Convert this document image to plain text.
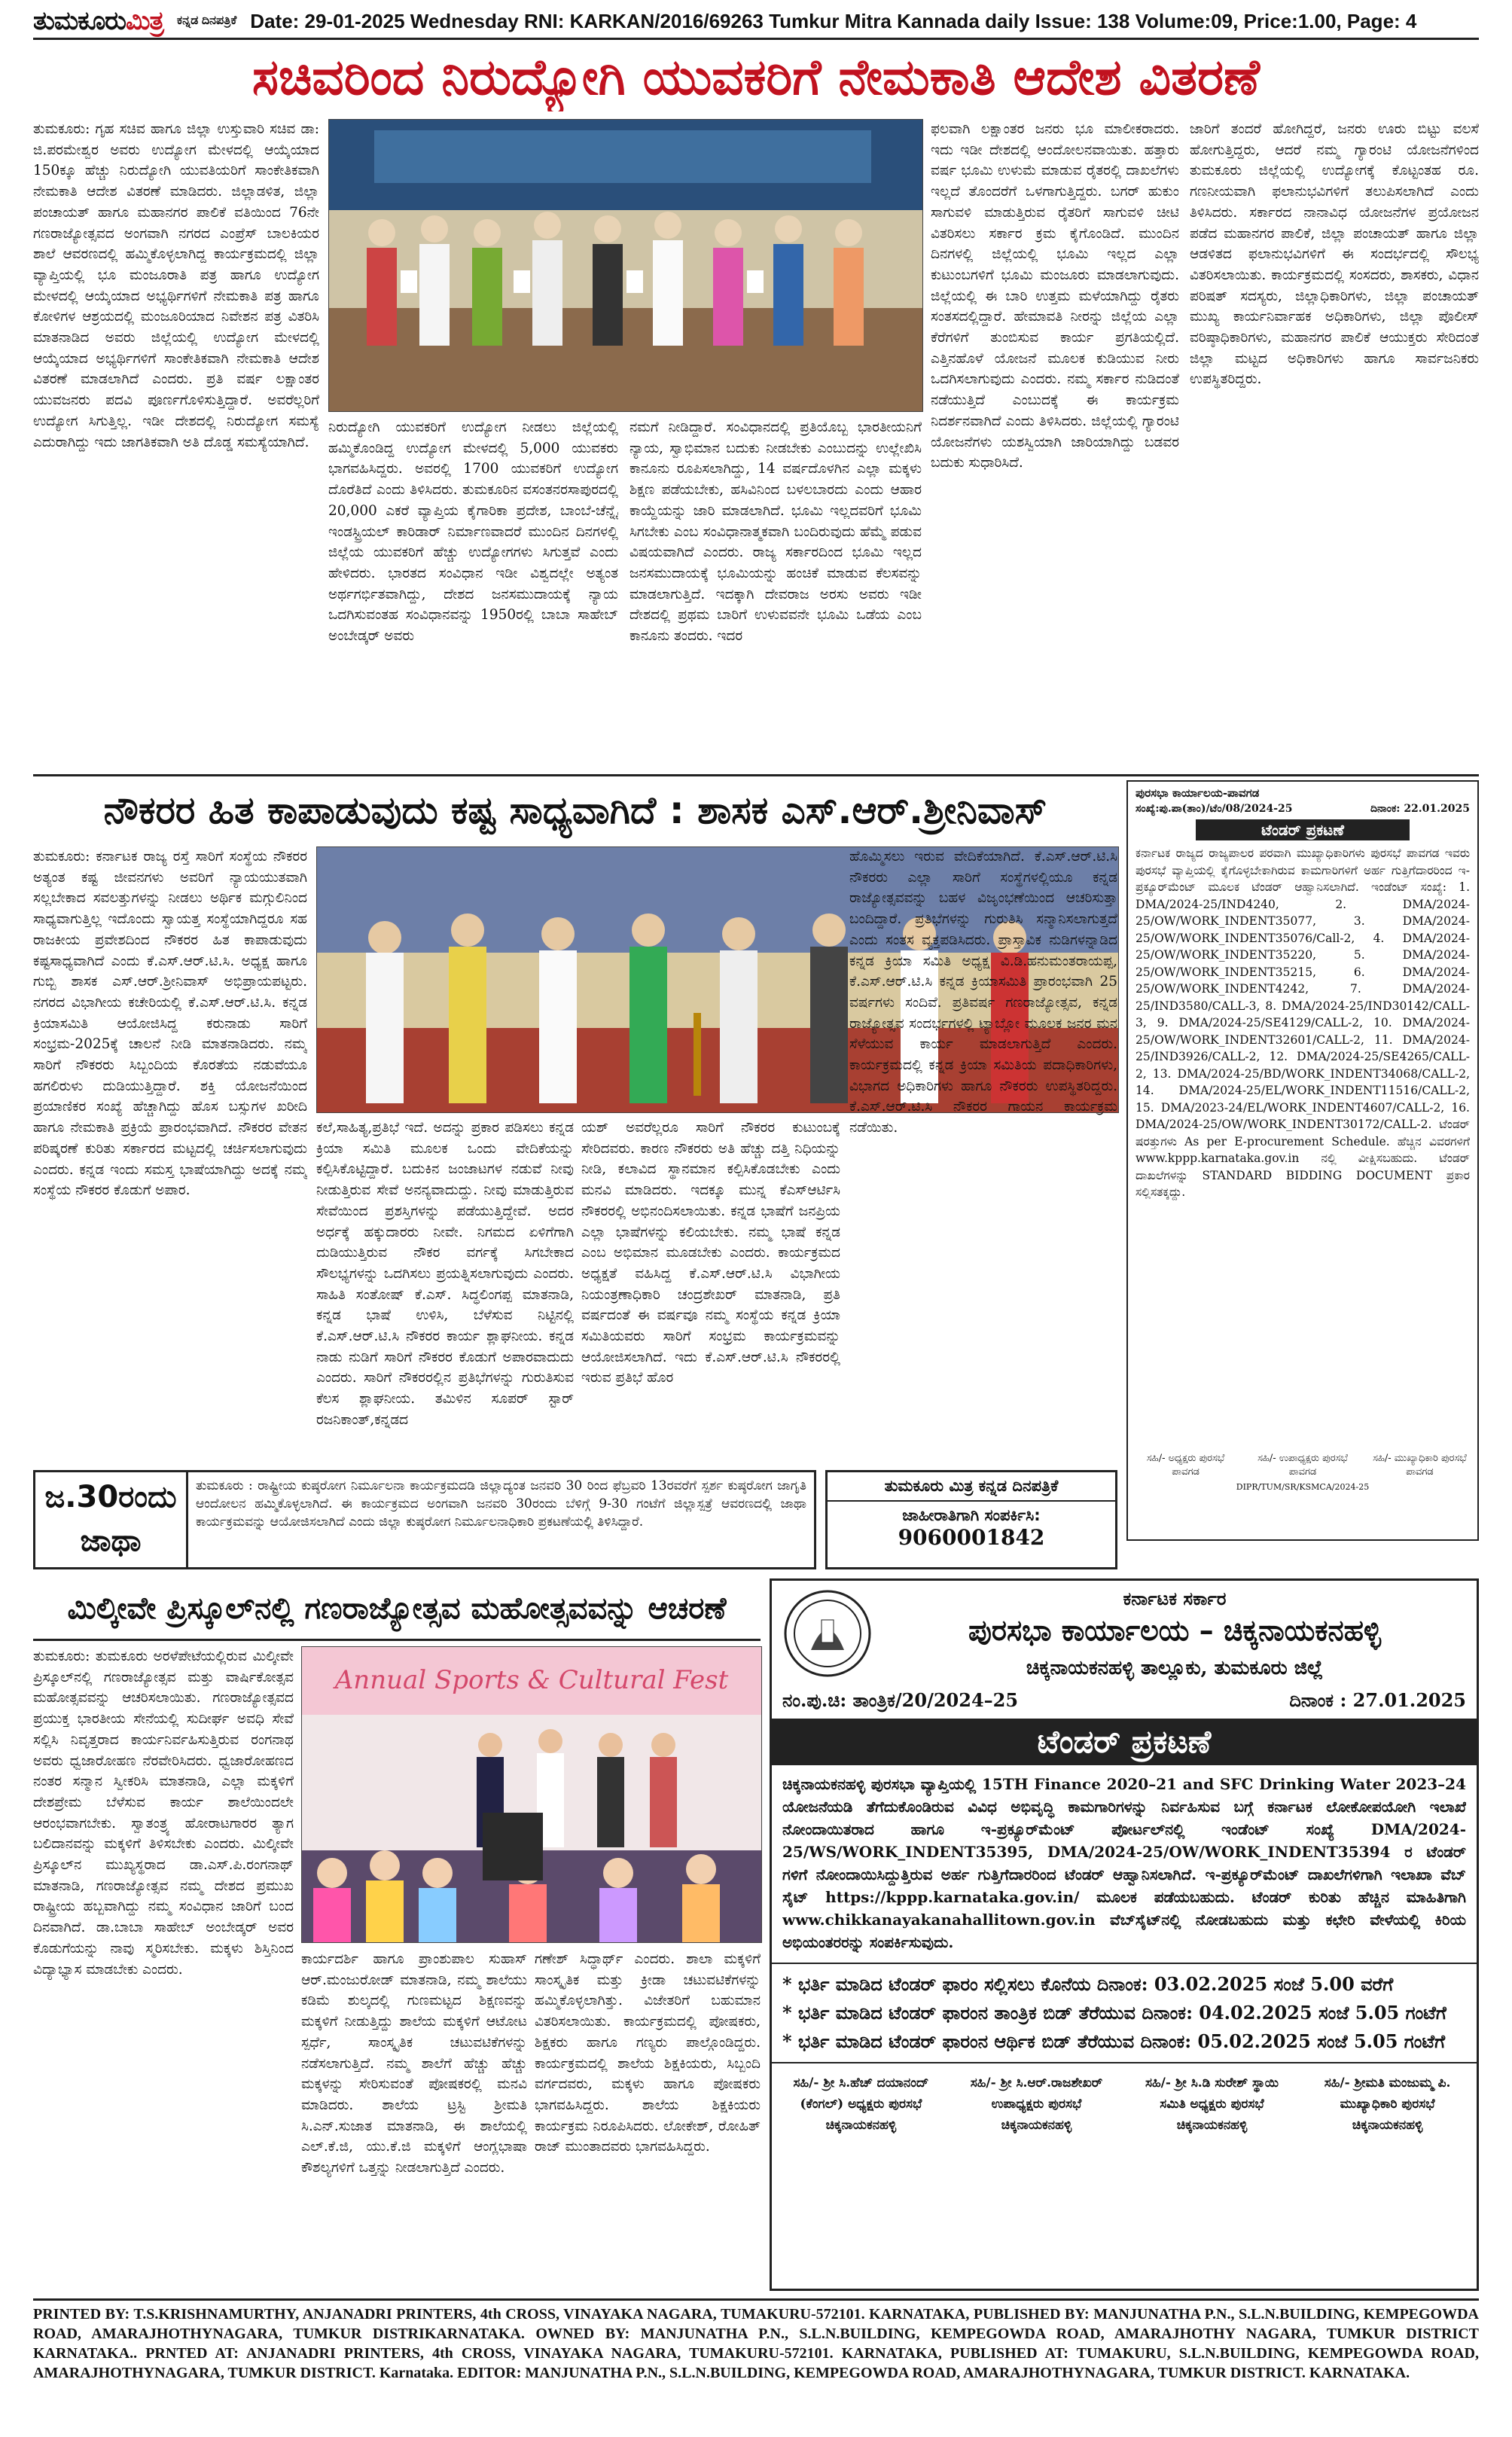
ತುಮಕೂರುಮಿತ್ರ ಕನ್ನಡ ದಿನಪತ್ರಿಕೆ Date: 29-01-2025 Wednesday RNI: KARKAN/2016/69263 Tumkur Mitra Kannada daily Issue: 138 Volume:09, Price:1.00, Page: 4
ಸಚಿವರಿಂದ ನಿರುದ್ಯೋಗಿ ಯುವಕರಿಗೆ ನೇಮಕಾತಿ ಆದೇಶ ವಿತರಣೆ
ತುಮಕೂರು: ಗೃಹ ಸಚಿವ ಹಾಗೂ ಜಿಲ್ಲಾ ಉಸ್ತುವಾರಿ ಸಚಿವ ಡಾ: ಜಿ.ಪರಮೇಶ್ವರ ಅವರು ಉದ್ಯೋಗ ಮೇಳದಲ್ಲಿ ಆಯ್ಕೆಯಾದ 150ಕ್ಕೂ ಹೆಚ್ಚು ನಿರುದ್ಯೋಗಿ ಯುವತಿಯರಿಗೆ ಸಾಂಕೇತಿಕವಾಗಿ ನೇಮಕಾತಿ ಆದೇಶ ವಿತರಣೆ ಮಾಡಿದರು. ಜಿಲ್ಲಾಡಳಿತ, ಜಿಲ್ಲಾ ಪಂಚಾಯತ್ ಹಾಗೂ ಮಹಾನಗರ ಪಾಲಿಕೆ ವತಿಯಿಂದ 76ನೇ ಗಣರಾಜ್ಯೋತ್ಸವದ ಅಂಗವಾಗಿ ನಗರದ ಎಂಪ್ರೆಸ್ ಬಾಲಕಿಯರ ಶಾಲೆ ಆವರಣದಲ್ಲಿ ಹಮ್ಮಿಕೊಳ್ಳಲಾಗಿದ್ದ ಕಾರ್ಯಕ್ರಮದಲ್ಲಿ ಜಿಲ್ಲಾ ವ್ಯಾಪ್ತಿಯಲ್ಲಿ ಭೂ ಮಂಜೂರಾತಿ ಪತ್ರ ಹಾಗೂ ಉದ್ಯೋಗ ಮೇಳದಲ್ಲಿ ಆಯ್ಕೆಯಾದ ಅಭ್ಯರ್ಥಿಗಳಿಗೆ ನೇಮಕಾತಿ ಪತ್ರ ಹಾಗೂ ಕೋಳಿಗಳ ಆಶ್ರಯದಲ್ಲಿ ಮಂಜೂರಿಯಾದ ನಿವೇಶನ ಪತ್ರ ವಿತರಿಸಿ ಮಾತನಾಡಿದ ಅವರು ಜಿಲ್ಲೆಯಲ್ಲಿ ಉದ್ಯೋಗ ಮೇಳದಲ್ಲಿ ಆಯ್ಕೆಯಾದ ಅಭ್ಯರ್ಥಿಗಳಿಗೆ ಸಾಂಕೇತಿಕವಾಗಿ ನೇಮಕಾತಿ ಆದೇಶ ವಿತರಣೆ ಮಾಡಲಾಗಿದೆ ಎಂದರು. ಪ್ರತಿ ವರ್ಷ ಲಕ್ಷಾಂತರ ಯುವಜನರು ಪದವಿ ಪೂರ್ಣಗೊಳಿಸುತ್ತಿದ್ದಾರೆ. ಅವರೆಲ್ಲರಿಗೆ ಉದ್ಯೋಗ ಸಿಗುತ್ತಿಲ್ಲ. ಇಡೀ ದೇಶದಲ್ಲಿ ನಿರುದ್ಯೋಗ ಸಮಸ್ಯೆ ಎದುರಾಗಿದ್ದು ಇದು ಜಾಗತಿಕವಾಗಿ ಅತಿ ದೊಡ್ಡ ಸಮಸ್ಯೆಯಾಗಿದೆ.
ನಿರುದ್ಯೋಗಿ ಯುವಕರಿಗೆ ಉದ್ಯೋಗ ನೀಡಲು ಜಿಲ್ಲೆಯಲ್ಲಿ ಹಮ್ಮಿಕೊಂಡಿದ್ದ ಉದ್ಯೋಗ ಮೇಳದಲ್ಲಿ 5,000 ಯುವಕರು ಭಾಗವಹಿಸಿದ್ದರು. ಅವರಲ್ಲಿ 1700 ಯುವಕರಿಗೆ ಉದ್ಯೋಗ ದೊರೆತಿದೆ ಎಂದು ತಿಳಿಸಿದರು. ತುಮಕೂರಿನ ವಸಂತನರಸಾಪುರದಲ್ಲಿ 20,000 ಎಕರೆ ವ್ಯಾಪ್ತಿಯ ಕೈಗಾರಿಕಾ ಪ್ರದೇಶ, ಬಾಂಬೆ-ಚೆನ್ನೈ ಇಂಡಸ್ಟ್ರಿಯಲ್ ಕಾರಿಡಾರ್ ನಿರ್ಮಾಣವಾದರೆ ಮುಂದಿನ ದಿನಗಳಲ್ಲಿ ಜಿಲ್ಲೆಯ ಯುವಕರಿಗೆ ಹೆಚ್ಚು ಉದ್ಯೋಗಗಳು ಸಿಗುತ್ತವೆ ಎಂದು ಹೇಳಿದರು. ಭಾರತದ ಸಂವಿಧಾನ ಇಡೀ ವಿಶ್ವದಲ್ಲೇ ಅತ್ಯಂತ ಅರ್ಥಗರ್ಭಿತವಾಗಿದ್ದು, ದೇಶದ ಜನಸಮುದಾಯಕ್ಕೆ ನ್ಯಾಯ ಒದಗಿಸುವಂತಹ ಸಂವಿಧಾನವನ್ನು 1950ರಲ್ಲಿ ಬಾಬಾ ಸಾಹೇಬ್ ಅಂಬೇಡ್ಕರ್ ಅವರು
ನಮಗೆ ನೀಡಿದ್ದಾರೆ. ಸಂವಿಧಾನದಲ್ಲಿ ಪ್ರತಿಯೊಬ್ಬ ಭಾರತೀಯನಿಗೆ ನ್ಯಾಯ, ಸ್ವಾಭಿಮಾನ ಬದುಕು ನೀಡಬೇಕು ಎಂಬುದನ್ನು ಉಲ್ಲೇಖಿಸಿ ಕಾನೂನು ರೂಪಿಸಲಾಗಿದ್ದು, 14 ವರ್ಷದೊಳಗಿನ ಎಲ್ಲಾ ಮಕ್ಕಳು ಶಿಕ್ಷಣ ಪಡೆಯಬೇಕು, ಹಸಿವಿನಿಂದ ಬಳಲಬಾರದು ಎಂದು ಆಹಾರ ಕಾಯ್ದೆಯನ್ನು ಜಾರಿ ಮಾಡಲಾಗಿದೆ. ಭೂಮಿ ಇಲ್ಲದವರಿಗೆ ಭೂಮಿ ಸಿಗಬೇಕು ಎಂಬ ಸಂವಿಧಾನಾತ್ಮಕವಾಗಿ ಬಂದಿರುವುದು ಹೆಮ್ಮೆ ಪಡುವ ವಿಷಯವಾಗಿದೆ ಎಂದರು. ರಾಜ್ಯ ಸರ್ಕಾರದಿಂದ ಭೂಮಿ ಇಲ್ಲದ ಜನಸಮುದಾಯಕ್ಕೆ ಭೂಮಿಯನ್ನು ಹಂಚಿಕೆ ಮಾಡುವ ಕೆಲಸವನ್ನು ಮಾಡಲಾಗುತ್ತಿದೆ. ಇದಕ್ಕಾಗಿ ದೇವರಾಜ ಅರಸು ಅವರು ಇಡೀ ದೇಶದಲ್ಲಿ ಪ್ರಥಮ ಬಾರಿಗೆ ಉಳುವವನೇ ಭೂಮಿ ಒಡೆಯ ಎಂಬ ಕಾನೂನು ತಂದರು. ಇದರ
ಫಲವಾಗಿ ಲಕ್ಷಾಂತರ ಜನರು ಭೂ ಮಾಲೀಕರಾದರು. ಇದು ಇಡೀ ದೇಶದಲ್ಲಿ ಆಂದೋಲನವಾಯಿತು. ಹತ್ತಾರು ವರ್ಷ ಭೂಮಿ ಉಳುಮೆ ಮಾಡುವ ರೈತರಲ್ಲಿ ದಾಖಲೆಗಳು ಇಲ್ಲದೆ ತೊಂದರೆಗೆ ಒಳಗಾಗುತ್ತಿದ್ದರು. ಬಗರ್ ಹುಕುಂ ಸಾಗುವಳಿ ಮಾಡುತ್ತಿರುವ ರೈತರಿಗೆ ಸಾಗುವಳಿ ಚೀಟಿ ವಿತರಿಸಲು ಸರ್ಕಾರ ಕ್ರಮ ಕೈಗೊಂಡಿದೆ. ಮುಂದಿನ ದಿನಗಳಲ್ಲಿ ಜಿಲ್ಲೆಯಲ್ಲಿ ಭೂಮಿ ಇಲ್ಲದ ಎಲ್ಲಾ ಕುಟುಂಬಗಳಿಗೆ ಭೂಮಿ ಮಂಜೂರು ಮಾಡಲಾಗುವುದು. ಜಿಲ್ಲೆಯಲ್ಲಿ ಈ ಬಾರಿ ಉತ್ತಮ ಮಳೆಯಾಗಿದ್ದು ರೈತರು ಸಂತಸದಲ್ಲಿದ್ದಾರೆ. ಹೇಮಾವತಿ ನೀರನ್ನು ಜಿಲ್ಲೆಯ ಎಲ್ಲಾ ಕೆರೆಗಳಿಗೆ ತುಂಬಿಸುವ ಕಾರ್ಯ ಪ್ರಗತಿಯಲ್ಲಿದೆ. ಎತ್ತಿನಹೊಳೆ ಯೋಜನೆ ಮೂಲಕ ಕುಡಿಯುವ ನೀರು ಒದಗಿಸಲಾಗುವುದು ಎಂದರು. ನಮ್ಮ ಸರ್ಕಾರ ನುಡಿದಂತೆ ನಡೆಯುತ್ತಿದೆ ಎಂಬುದಕ್ಕೆ ಈ ಕಾರ್ಯಕ್ರಮ ನಿದರ್ಶನವಾಗಿದೆ ಎಂದು ತಿಳಿಸಿದರು. ಜಿಲ್ಲೆಯಲ್ಲಿ ಗ್ಯಾರಂಟಿ ಯೋಜನೆಗಳು ಯಶಸ್ವಿಯಾಗಿ ಜಾರಿಯಾಗಿದ್ದು ಬಡವರ ಬದುಕು ಸುಧಾರಿಸಿದೆ.
ಜಾರಿಗೆ ತಂದರೆ ಹೋಗಿದ್ದರೆ, ಜನರು ಊರು ಬಿಟ್ಟು ವಲಸೆ ಹೋಗುತ್ತಿದ್ದರು, ಆದರೆ ನಮ್ಮ ಗ್ಯಾರಂಟಿ ಯೋಜನೆಗಳಿಂದ ತುಮಕೂರು ಜಿಲ್ಲೆಯಲ್ಲಿ ಉದ್ಯೋಗಕ್ಕೆ ಕೊಟ್ಟಂತಹ ರೂ. ಗಣನೀಯವಾಗಿ ಫಲಾನುಭವಿಗಳಿಗೆ ತಲುಪಿಸಲಾಗಿದೆ ಎಂದು ತಿಳಿಸಿದರು. ಸರ್ಕಾರದ ನಾನಾವಿಧ ಯೋಜನೆಗಳ ಪ್ರಯೋಜನ ಪಡೆದ ಮಹಾನಗರ ಪಾಲಿಕೆ, ಜಿಲ್ಲಾ ಪಂಚಾಯತ್ ಹಾಗೂ ಜಿಲ್ಲಾ ಆಡಳಿತದ ಫಲಾನುಭವಿಗಳಿಗೆ ಈ ಸಂದರ್ಭದಲ್ಲಿ ಸೌಲಭ್ಯ ವಿತರಿಸಲಾಯಿತು. ಕಾರ್ಯಕ್ರಮದಲ್ಲಿ ಸಂಸದರು, ಶಾಸಕರು, ವಿಧಾನ ಪರಿಷತ್ ಸದಸ್ಯರು, ಜಿಲ್ಲಾಧಿಕಾರಿಗಳು, ಜಿಲ್ಲಾ ಪಂಚಾಯತ್ ಮುಖ್ಯ ಕಾರ್ಯನಿರ್ವಾಹಕ ಅಧಿಕಾರಿಗಳು, ಜಿಲ್ಲಾ ಪೊಲೀಸ್ ವರಿಷ್ಠಾಧಿಕಾರಿಗಳು, ಮಹಾನಗರ ಪಾಲಿಕೆ ಆಯುಕ್ತರು ಸೇರಿದಂತೆ ಜಿಲ್ಲಾ ಮಟ್ಟದ ಅಧಿಕಾರಿಗಳು ಹಾಗೂ ಸಾರ್ವಜನಿಕರು ಉಪಸ್ಥಿತರಿದ್ದರು.
ನೌಕರರ ಹಿತ ಕಾಪಾಡುವುದು ಕಷ್ಟ ಸಾಧ್ಯವಾಗಿದೆ : ಶಾಸಕ ಎಸ್.ಆರ್.ಶ್ರೀನಿವಾಸ್
ತುಮಕೂರು: ಕರ್ನಾಟಕ ರಾಜ್ಯ ರಸ್ತೆ ಸಾರಿಗೆ ಸಂಸ್ಥೆಯ ನೌಕರರ ಅತ್ಯಂತ ಕಷ್ಟ ಜೀವನಗಳು ಅವರಿಗೆ ನ್ಯಾಯಯುತವಾಗಿ ಸಲ್ಲಬೇಕಾದ ಸವಲತ್ತುಗಳನ್ನು ನೀಡಲು ಅರ್ಥಿಕ ಮಗ್ಗುಲಿನಿಂದ ಸಾಧ್ಯವಾಗುತ್ತಿಲ್ಲ ಇದೊಂದು ಸ್ವಾಯತ್ತ ಸಂಸ್ಥೆಯಾಗಿದ್ದರೂ ಸಹ ರಾಜಕೀಯ ಪ್ರವೇಶದಿಂದ ನೌಕರರ ಹಿತ ಕಾಪಾಡುವುದು ಕಷ್ಟಸಾಧ್ಯವಾಗಿದೆ ಎಂದು ಕೆ.ಎಸ್.ಆರ್.ಟಿ.ಸಿ. ಅಧ್ಯಕ್ಷ ಹಾಗೂ ಗುಬ್ಬಿ ಶಾಸಕ ಎಸ್.ಆರ್.ಶ್ರೀನಿವಾಸ್ ಅಭಿಪ್ರಾಯಪಟ್ಟರು. ನಗರದ ವಿಭಾಗೀಯ ಕಚೇರಿಯಲ್ಲಿ ಕೆ.ಎಸ್.ಆರ್.ಟಿ.ಸಿ. ಕನ್ನಡ ಕ್ರಿಯಾಸಮಿತಿ ಆಯೋಜಿಸಿದ್ದ ಕರುನಾಡು ಸಾರಿಗೆ ಸಂಭ್ರಮ-2025ಕ್ಕೆ ಚಾಲನೆ ನೀಡಿ ಮಾತನಾಡಿದರು. ನಮ್ಮ ಸಾರಿಗೆ ನೌಕರರು ಸಿಬ್ಬಂದಿಯ ಕೊರತೆಯ ನಡುವೆಯೂ ಹಗಲಿರುಳು ದುಡಿಯುತ್ತಿದ್ದಾರೆ. ಶಕ್ತಿ ಯೋಜನೆಯಿಂದ ಪ್ರಯಾಣಿಕರ ಸಂಖ್ಯೆ ಹೆಚ್ಚಾಗಿದ್ದು ಹೊಸ ಬಸ್ಸುಗಳ ಖರೀದಿ ಹಾಗೂ ನೇಮಕಾತಿ ಪ್ರಕ್ರಿಯೆ ಪ್ರಾರಂಭವಾಗಿದೆ. ನೌಕರರ ವೇತನ ಪರಿಷ್ಕರಣೆ ಕುರಿತು ಸರ್ಕಾರದ ಮಟ್ಟದಲ್ಲಿ ಚರ್ಚಿಸಲಾಗುವುದು ಎಂದರು. ಕನ್ನಡ ಇಂದು ಸಮಸ್ತ ಭಾಷೆಯಾಗಿದ್ದು ಅದಕ್ಕೆ ನಮ್ಮ ಸಂಸ್ಥೆಯ ನೌಕರರ ಕೊಡುಗೆ ಅಪಾರ.
ಕಲೆ,ಸಾಹಿತ್ಯ,ಪ್ರತಿಭೆ ಇದೆ. ಅದನ್ನು ಪ್ರಕಾರ ಪಡಿಸಲು ಕನ್ನಡ ಕ್ರಿಯಾ ಸಮಿತಿ ಮೂಲಕ ಒಂದು ವೇದಿಕೆಯನ್ನು ಕಲ್ಪಿಸಿಕೊಟ್ಟಿದ್ದಾರೆ. ಬದುಕಿನ ಜಂಜಾಟಗಳ ನಡುವೆ ನೀವು ನೀಡುತ್ತಿರುವ ಸೇವೆ ಅನನ್ಯವಾದುದ್ದು. ನೀವು ಮಾಡುತ್ತಿರುವ ಸೇವೆಯಿಂದ ಪ್ರಶಸ್ತಿಗಳನ್ನು ಪಡೆಯುತ್ತಿದ್ದೇವೆ. ಅದರ ಅರ್ಧಕ್ಕೆ ಹಕ್ಕುದಾರರು ನೀವೇ. ನಿಗಮದ ಏಳಿಗೆಗಾಗಿ ದುಡಿಯುತ್ತಿರುವ ನೌಕರ ವರ್ಗಕ್ಕೆ ಸಿಗಬೇಕಾದ ಸೌಲಭ್ಯಗಳನ್ನು ಒದಗಿಸಲು ಪ್ರಯತ್ನಿಸಲಾಗುವುದು ಎಂದರು. ಸಾಹಿತಿ ಸಂತೋಷ್ ಕೆ.ಎಸ್. ಸಿದ್ಧಲಿಂಗಪ್ಪ ಮಾತನಾಡಿ, ಕನ್ನಡ ಭಾಷೆ ಉಳಿಸಿ, ಬೆಳೆಸುವ ನಿಟ್ಟಿನಲ್ಲಿ ಕೆ.ಎಸ್.ಆರ್.ಟಿ.ಸಿ ನೌಕರರ ಕಾರ್ಯ ಶ್ಲಾಘನೀಯ. ಕನ್ನಡ ನಾಡು ನುಡಿಗೆ ಸಾರಿಗೆ ನೌಕರರ ಕೊಡುಗೆ ಅಪಾರವಾದುದು ಎಂದರು. ಸಾರಿಗೆ ನೌಕರರಲ್ಲಿನ ಪ್ರತಿಭೆಗಳನ್ನು ಗುರುತಿಸುವ ಕೆಲಸ ಶ್ಲಾಘನೀಯ. ತಮಿಳಿನ ಸೂಪರ್ ಸ್ಟಾರ್ ರಜನಿಕಾಂತ್,ಕನ್ನಡದ
ಯಶ್ ಅವರೆಲ್ಲರೂ ಸಾರಿಗೆ ನೌಕರರ ಕುಟುಂಬಕ್ಕೆ ಸೇರಿದವರು. ಕಾರಣ ನೌಕರರು ಅತಿ ಹೆಚ್ಚು ದತ್ತಿ ನಿಧಿಯನ್ನು ನೀಡಿ, ಕಲಾವಿದ ಸ್ಥಾನಮಾನ ಕಲ್ಪಿಸಿಕೊಡಬೇಕು ಎಂದು ಮನವಿ ಮಾಡಿದರು. ಇದಕ್ಕೂ ಮುನ್ನ ಕೆಎಸ್ಆರ್ಟಿಸಿ ನೌಕರರಲ್ಲಿ ಅಭಿನಂದಿಸಲಾಯಿತು. ಕನ್ನಡ ಭಾಷೆಗೆ ಜನಪ್ರಿಯ ಎಲ್ಲಾ ಭಾಷೆಗಳನ್ನು ಕಲಿಯಬೇಕು. ನಮ್ಮ ಭಾಷೆ ಕನ್ನಡ ಎಂಬ ಅಭಿಮಾನ ಮೂಡಬೇಕು ಎಂದರು. ಕಾರ್ಯಕ್ರಮದ ಅಧ್ಯಕ್ಷತೆ ವಹಿಸಿದ್ದ ಕೆ.ಎಸ್.ಆರ್.ಟಿ.ಸಿ ವಿಭಾಗೀಯ ನಿಯಂತ್ರಣಾಧಿಕಾರಿ ಚಂದ್ರಶೇಖರ್ ಮಾತನಾಡಿ, ಪ್ರತಿ ವರ್ಷದಂತೆ ಈ ವರ್ಷವೂ ನಮ್ಮ ಸಂಸ್ಥೆಯ ಕನ್ನಡ ಕ್ರಿಯಾ ಸಮಿತಿಯವರು ಸಾರಿಗೆ ಸಂಭ್ರಮ ಕಾರ್ಯಕ್ರಮವನ್ನು ಆಯೋಜಿಸಲಾಗಿದೆ. ಇದು ಕೆ.ಎಸ್.ಆರ್.ಟಿ.ಸಿ ನೌಕರರಲ್ಲಿ ಇರುವ ಪ್ರತಿಭೆ ಹೊರ
ಹೊಮ್ಮಿಸಲು ಇರುವ ವೇದಿಕೆಯಾಗಿದೆ. ಕೆ.ಎಸ್.ಆರ್.ಟಿ.ಸಿ ನೌಕರರು ಎಲ್ಲಾ ಸಾರಿಗೆ ಸಂಸ್ಥೆಗಳಲ್ಲಿಯೂ ಕನ್ನಡ ರಾಜ್ಯೋತ್ಸವವನ್ನು ಬಹಳ ವಿಜೃಂಭಣೆಯಿಂದ ಆಚರಿಸುತ್ತಾ ಬಂದಿದ್ದಾರೆ. ಪ್ರತಿಭೆಗಳನ್ನು ಗುರುತಿಸಿ ಸನ್ಮಾನಿಸಲಾಗುತ್ತದೆ ಎಂದು ಸಂತಸ ವ್ಯಕ್ತಪಡಿಸಿದರು. ಪ್ರಾಸ್ತಾವಿಕ ನುಡಿಗಳನ್ನಾಡಿದ ಕನ್ನಡ ಕ್ರಿಯಾ ಸಮಿತಿ ಅಧ್ಯಕ್ಷ ವಿ.ಡಿ.ಹನುಮಂತರಾಯಪ್ಪ, ಕೆ.ಎಸ್.ಆರ್.ಟಿ.ಸಿ ಕನ್ನಡ ಕ್ರಿಯಾಸಮಿತಿ ಪ್ರಾರಂಭವಾಗಿ 25 ವರ್ಷಗಳು ಸಂದಿವೆ. ಪ್ರತಿವರ್ಷ ಗಣರಾಜ್ಯೋತ್ಸವ, ಕನ್ನಡ ರಾಜ್ಯೋತ್ಸವ ಸಂದರ್ಭಗಳಲ್ಲಿ ಟ್ಯಾಬ್ಲೋ ಮೂಲಕ ಜನರ ಮನ ಸೆಳೆಯುವ ಕಾರ್ಯ ಮಾಡಲಾಗುತ್ತಿದೆ ಎಂದರು. ಕಾರ್ಯಕ್ರಮದಲ್ಲಿ ಕನ್ನಡ ಕ್ರಿಯಾ ಸಮಿತಿಯ ಪದಾಧಿಕಾರಿಗಳು, ವಿಭಾಗದ ಅಧಿಕಾರಿಗಳು ಹಾಗೂ ನೌಕರರು ಉಪಸ್ಥಿತರಿದ್ದರು. ಕೆ.ಎಸ್.ಆರ್.ಟಿ.ಸಿ ನೌಕರರ ಗಾಯನ ಕಾರ್ಯಕ್ರಮ ನಡೆಯಿತು.
ಪುರಸಭಾ ಕಾರ್ಯಾಲಯ-ಪಾವಗಡ
ಸಂಖ್ಯೆ:ಪು.ಪಾ(ತಾಂ)/ಟೆಂ/08/2024-25	ದಿನಾಂಕ: 22.01.2025
ಟೆಂಡರ್ ಪ್ರಕಟಣೆ
ಕರ್ನಾಟಕ ರಾಜ್ಯದ ರಾಜ್ಯಪಾಲರ ಪರವಾಗಿ ಮುಖ್ಯಾಧಿಕಾರಿಗಳು ಪುರಸಭೆ ಪಾವಗಡ ಇವರು ಪುರಸಭೆ ವ್ಯಾಪ್ತಿಯಲ್ಲಿ ಕೈಗೊಳ್ಳಬೇಕಾಗಿರುವ ಕಾಮಗಾರಿಗಳಿಗೆ ಅರ್ಹ ಗುತ್ತಿಗೆದಾರರಿಂದ ಇ-ಪ್ರಕ್ಯೂರ್‌ಮೆಂಟ್ ಮೂಲಕ ಟೆಂಡರ್ ಆಹ್ವಾನಿಸಲಾಗಿದೆ. ಇಂಡೆಂಟ್ ಸಂಖ್ಯೆ: 1. DMA/2024-25/IND4240, 2. DMA/2024-25/OW/WORK_INDENT35077, 3. DMA/2024-25/OW/WORK_INDENT35076/Call-2, 4. DMA/2024-25/OW/WORK_INDENT35220, 5. DMA/2024-25/OW/WORK_INDENT35215, 6. DMA/2024-25/OW/WORK_INDENT4242, 7. DMA/2024-25/IND3580/CALL-3, 8. DMA/2024-25/IND30142/CALL-3, 9. DMA/2024-25/SE4129/CALL-2, 10. DMA/2024-25/OW/WORK_INDENT32601/CALL-2, 11. DMA/2024-25/IND3926/CALL-2, 12. DMA/2024-25/SE4265/CALL-2, 13. DMA/2024-25/BD/WORK_INDENT34068/CALL-2, 14. DMA/2024-25/EL/WORK_INDENT11516/CALL-2, 15. DMA/2023-24/EL/WORK_INDENT4607/CALL-2, 16. DMA/2024-25/OW/WORK_INDENT30172/CALL-2. ಟೆಂಡರ್ ಷರತ್ತುಗಳು As per E-procurement Schedule. ಹೆಚ್ಚಿನ ವಿವರಗಳಿಗೆ www.kppp.karnataka.gov.in ನಲ್ಲಿ ವೀಕ್ಷಿಸಬಹುದು. ಟೆಂಡರ್ ದಾಖಲೆಗಳನ್ನು STANDARD BIDDING DOCUMENT ಪ್ರಕಾರ ಸಲ್ಲಿಸತಕ್ಕದ್ದು.
ಸಹಿ/- ಅಧ್ಯಕ್ಷರು ಪುರಸಭೆ ಪಾವಗಡ
ಸಹಿ/- ಉಪಾಧ್ಯಕ್ಷರು ಪುರಸಭೆ ಪಾವಗಡ
ಸಹಿ/- ಮುಖ್ಯಾಧಿಕಾರಿ ಪುರಸಭೆ ಪಾವಗಡ
DIPR/TUM/SR/KSMCA/2024-25
ಜ.30ರಂದು ಜಾಥಾ
ತುಮಕೂರು : ರಾಷ್ಟ್ರೀಯ ಕುಷ್ಠರೋಗ ನಿರ್ಮೂಲನಾ ಕಾರ್ಯಕ್ರಮದಡಿ ಜಿಲ್ಲಾದ್ಯಂತ ಜನವರಿ 30 ರಿಂದ ಫೆಬ್ರವರಿ 13ರವರೆಗೆ ಸ್ಪರ್ಶ ಕುಷ್ಠರೋಗ ಜಾಗೃತಿ ಆಂದೋಲನ ಹಮ್ಮಿಕೊಳ್ಳಲಾಗಿದೆ. ಈ ಕಾರ್ಯಕ್ರಮದ ಅಂಗವಾಗಿ ಜನವರಿ 30ರಂದು ಬೆಳಿಗ್ಗೆ 9-30 ಗಂಟೆಗೆ ಜಿಲ್ಲಾಸ್ಪತ್ರೆ ಆವರಣದಲ್ಲಿ ಜಾಥಾ ಕಾರ್ಯಕ್ರಮವನ್ನು ಆಯೋಜಿಸಲಾಗಿದೆ ಎಂದು ಜಿಲ್ಲಾ ಕುಷ್ಠರೋಗ ನಿರ್ಮೂಲನಾಧಿಕಾರಿ ಪ್ರಕಟಣೆಯಲ್ಲಿ ತಿಳಿಸಿದ್ದಾರೆ.
ತುಮಕೂರು ಮಿತ್ರ ಕನ್ನಡ ದಿನಪತ್ರಿಕೆ
ಜಾಹೀರಾತಿಗಾಗಿ ಸಂಪರ್ಕಿಸಿ:
9060001842
ಮಿಲ್ಕೀವೇ ಪ್ರಿಸ್ಕೂಲ್‌ನಲ್ಲಿ ಗಣರಾಜ್ಯೋತ್ಸವ ಮಹೋತ್ಸವವನ್ನು ಆಚರಣೆ
ತುಮಕೂರು: ತುಮಕೂರು ಅರಳೆಪೇಟೆಯಲ್ಲಿರುವ ಮಿಲ್ಕೀವೇ ಪ್ರಿಸ್ಕೂಲ್‌ನಲ್ಲಿ ಗಣರಾಜ್ಯೋತ್ಸವ ಮತ್ತು ವಾರ್ಷಿಕೋತ್ಸವ ಮಹೋತ್ಸವವನ್ನು ಆಚರಿಸಲಾಯಿತು. ಗಣರಾಜ್ಯೋತ್ಸವದ ಪ್ರಯುಕ್ತ ಭಾರತೀಯ ಸೇನೆಯಲ್ಲಿ ಸುದೀರ್ಘ ಅವಧಿ ಸೇವೆ ಸಲ್ಲಿಸಿ ನಿವೃತ್ತರಾದ ಕಾರ್ಯನಿರ್ವಹಿಸುತ್ತಿರುವ ರಂಗನಾಥ ಅವರು ಧ್ವಜಾರೋಹಣ ನೆರವೇರಿಸಿದರು. ಧ್ವಜಾರೋಹಣದ ನಂತರ ಸನ್ಮಾನ ಸ್ವೀಕರಿಸಿ ಮಾತನಾಡಿ, ಎಲ್ಲಾ ಮಕ್ಕಳಿಗೆ ದೇಶಪ್ರೇಮ ಬೆಳೆಸುವ ಕಾರ್ಯ ಶಾಲೆಯಿಂದಲೇ ಆರಂಭವಾಗಬೇಕು. ಸ್ವಾತಂತ್ರ್ಯ ಹೋರಾಟಗಾರರ ತ್ಯಾಗ ಬಲಿದಾನವನ್ನು ಮಕ್ಕಳಿಗೆ ತಿಳಿಸಬೇಕು ಎಂದರು. ಮಿಲ್ಕೀವೇ ಪ್ರಿಸ್ಕೂಲ್‌ನ ಮುಖ್ಯಸ್ಥರಾದ ಡಾ.ಎಸ್.ಪಿ.ರಂಗನಾಥ್ ಮಾತನಾಡಿ, ಗಣರಾಜ್ಯೋತ್ಸವ ನಮ್ಮ ದೇಶದ ಪ್ರಮುಖ ರಾಷ್ಟ್ರೀಯ ಹಬ್ಬವಾಗಿದ್ದು ನಮ್ಮ ಸಂವಿಧಾನ ಜಾರಿಗೆ ಬಂದ ದಿನವಾಗಿದೆ. ಡಾ.ಬಾಬಾ ಸಾಹೇಬ್ ಅಂಬೇಡ್ಕರ್ ಅವರ ಕೊಡುಗೆಯನ್ನು ನಾವು ಸ್ಮರಿಸಬೇಕು. ಮಕ್ಕಳು ಶಿಸ್ತಿನಿಂದ ವಿದ್ಯಾಭ್ಯಾಸ ಮಾಡಬೇಕು ಎಂದರು.
Annual Sports & Cultural Fest
ಕಾರ್ಯದರ್ಶಿ ಹಾಗೂ ಪ್ರಾಂಶುಪಾಲ ಸುಹಾಸ್ ಆರ್.ಮಂಜುರೋಡ್ ಮಾತನಾಡಿ, ನಮ್ಮ ಶಾಲೆಯು ಕಡಿಮೆ ಶುಲ್ಕದಲ್ಲಿ ಗುಣಮಟ್ಟದ ಶಿಕ್ಷಣವನ್ನು ಮಕ್ಕಳಿಗೆ ನೀಡುತ್ತಿದ್ದು ಶಾಲೆಯ ಮಕ್ಕಳಿಗೆ ಆಟೋಟ ಸ್ಪರ್ಧೆ, ಸಾಂಸ್ಕೃತಿಕ ಚಟುವಟಿಕೆಗಳನ್ನು ನಡೆಸಲಾಗುತ್ತಿದೆ. ನಮ್ಮ ಶಾಲೆಗೆ ಹೆಚ್ಚು ಹೆಚ್ಚು ಮಕ್ಕಳನ್ನು ಸೇರಿಸುವಂತೆ ಪೋಷಕರಲ್ಲಿ ಮನವಿ ಮಾಡಿದರು. ಶಾಲೆಯ ಟ್ರಸ್ಟಿ ಶ್ರೀಮತಿ ಸಿ.ಎನ್.ಸುಜಾತ ಮಾತನಾಡಿ, ಈ ಶಾಲೆಯಲ್ಲಿ ಎಲ್.ಕೆ.ಜಿ, ಯು.ಕೆ.ಜಿ ಮಕ್ಕಳಿಗೆ ಆಂಗ್ಲಭಾಷಾ ಕೌಶಲ್ಯಗಳಿಗೆ ಒತ್ತನ್ನು ನೀಡಲಾಗುತ್ತಿದೆ ಎಂದರು.
ಗಣೇಶ್ ಸಿದ್ಧಾರ್ಥ್ ಎಂದರು. ಶಾಲಾ ಮಕ್ಕಳಿಗೆ ಸಾಂಸ್ಕೃತಿಕ ಮತ್ತು ಕ್ರೀಡಾ ಚಟುವಟಿಕೆಗಳನ್ನು ಹಮ್ಮಿಕೊಳ್ಳಲಾಗಿತ್ತು. ವಿಜೇತರಿಗೆ ಬಹುಮಾನ ವಿತರಿಸಲಾಯಿತು. ಕಾರ್ಯಕ್ರಮದಲ್ಲಿ ಪೋಷಕರು, ಶಿಕ್ಷಕರು ಹಾಗೂ ಗಣ್ಯರು ಪಾಲ್ಗೊಂಡಿದ್ದರು. ಕಾರ್ಯಕ್ರಮದಲ್ಲಿ ಶಾಲೆಯ ಶಿಕ್ಷಕಿಯರು, ಸಿಬ್ಬಂದಿ ವರ್ಗದವರು, ಮಕ್ಕಳು ಹಾಗೂ ಪೋಷಕರು ಭಾಗವಹಿಸಿದ್ದರು. ಶಾಲೆಯ ಶಿಕ್ಷಕಿಯರು ಕಾರ್ಯಕ್ರಮ ನಿರೂಪಿಸಿದರು. ಲೋಕೇಶ್, ರೋಹಿತ್ ರಾಜ್ ಮುಂತಾದವರು ಭಾಗವಹಿಸಿದ್ದರು.
ಕರ್ನಾಟಕ ಸರ್ಕಾರ
ಪುರಸಭಾ ಕಾರ್ಯಾಲಯ – ಚಿಕ್ಕನಾಯಕನಹಳ್ಳಿ
ಚಿಕ್ಕನಾಯಕನಹಳ್ಳಿ ತಾಲ್ಲೂಕು, ತುಮಕೂರು ಜಿಲ್ಲೆ
ನಂ.ಪು.ಚಿ: ತಾಂತ್ರಿಕ/20/2024–25	ದಿನಾಂಕ : 27.01.2025
ಟೆಂಡರ್ ಪ್ರಕಟಣೆ
ಚಿಕ್ಕನಾಯಕನಹಳ್ಳಿ ಪುರಸಭಾ ವ್ಯಾಪ್ತಿಯಲ್ಲಿ 15TH Finance 2020–21 and SFC Drinking Water 2023–24 ಯೋಜನೆಯಡಿ ತೆಗೆದುಕೊಂಡಿರುವ ವಿವಿಧ ಅಭಿವೃದ್ಧಿ ಕಾಮಗಾರಿಗಳನ್ನು ನಿರ್ವಹಿಸುವ ಬಗ್ಗೆ ಕರ್ನಾಟಕ ಲೋಕೋಪಯೋಗಿ ಇಲಾಖೆ ನೋಂದಾಯಿತರಾದ ಹಾಗೂ ಇ-ಪ್ರಕ್ಯೂರ್‌ಮೆಂಟ್ ಪೋರ್ಟಲ್‌ನಲ್ಲಿ ಇಂಡೆಂಟ್ ಸಂಖ್ಯೆ DMA/2024-25/WS/WORK_INDENT35395, DMA/2024-25/OW/WORK_INDENT35394 ರ ಟೆಂಡರ್ ಗಳಿಗೆ ನೋಂದಾಯಿಸಿದ್ದುತ್ತಿರುವ ಅರ್ಹ ಗುತ್ತಿಗೆದಾರರಿಂದ ಟೆಂಡರ್ ಆಹ್ವಾನಿಸಲಾಗಿದೆ. ಇ-ಪ್ರಕ್ಯೂರ್‌ಮೆಂಟ್ ದಾಖಲೆಗಳಿಗಾಗಿ ಇಲಾಖಾ ವೆಬ್ ಸೈಟ್ https://kppp.karnataka.gov.in/ ಮೂಲಕ ಪಡೆಯಬಹುದು. ಟೆಂಡರ್ ಕುರಿತು ಹೆಚ್ಚಿನ ಮಾಹಿತಿಗಾಗಿ www.chikkanayakanahallitown.gov.in ವೆಬ್‌ಸೈಟ್‌ನಲ್ಲಿ ನೋಡಬಹುದು ಮತ್ತು ಕಛೇರಿ ವೇಳೆಯಲ್ಲಿ ಕಿರಿಯ ಅಭಿಯಂತರರನ್ನು ಸಂಪರ್ಕಿಸುವುದು.
* ಭರ್ತಿ ಮಾಡಿದ ಟೆಂಡರ್ ಫಾರಂ ಸಲ್ಲಿಸಲು ಕೊನೆಯ ದಿನಾಂಕ: 03.02.2025 ಸಂಜೆ 5.00 ವರೆಗೆ
* ಭರ್ತಿ ಮಾಡಿದ ಟೆಂಡರ್ ಫಾರಂನ ತಾಂತ್ರಿಕ ಬಿಡ್ ತೆರೆಯುವ ದಿನಾಂಕ: 04.02.2025 ಸಂಜೆ 5.05 ಗಂಟೆಗೆ
* ಭರ್ತಿ ಮಾಡಿದ ಟೆಂಡರ್ ಫಾರಂನ ಆರ್ಥಿಕ ಬಿಡ್ ತೆರೆಯುವ ದಿನಾಂಕ: 05.02.2025 ಸಂಜೆ 5.05 ಗಂಟೆಗೆ
ಸಹಿ/- ಶ್ರೀ ಸಿ.ಹೆಚ್ ದಯಾನಂದ್ (ಕೆಂಗಲ್) ಅಧ್ಯಕ್ಷರು ಪುರಸಭೆ ಚಿಕ್ಕನಾಯಕನಹಳ್ಳಿ
ಸಹಿ/- ಶ್ರೀ ಸಿ.ಆರ್.ರಾಜಶೇಖರ್ ಉಪಾಧ್ಯಕ್ಷರು ಪುರಸಭೆ ಚಿಕ್ಕನಾಯಕನಹಳ್ಳಿ
ಸಹಿ/- ಶ್ರೀ ಸಿ.ಡಿ ಸುರೇಶ್ ಸ್ಥಾಯಿ ಸಮಿತಿ ಅಧ್ಯಕ್ಷರು ಪುರಸಭೆ ಚಿಕ್ಕನಾಯಕನಹಳ್ಳಿ
ಸಹಿ/- ಶ್ರೀಮತಿ ಮಂಜುಮ್ಮ ಪಿ. ಮುಖ್ಯಾಧಿಕಾರಿ ಪುರಸಭೆ ಚಿಕ್ಕನಾಯಕನಹಳ್ಳಿ
PRINTED BY: T.S.KRISHNAMURTHY, ANJANADRI PRINTERS, 4th CROSS, VINAYAKA NAGARA, TUMAKURU-572101. KARNATAKA, PUBLISHED BY: MANJUNATHA P.N., S.L.N.BUILDING, KEMPEGOWDA ROAD, AMARAJHOTHYNAGARA, TUMKUR DISTRIKARNATAKA. OWNED BY: MANJUNATHA P.N., S.L.N.BUILDING, KEMPEGOWDA ROAD, AMARAJHOTHY NAGARA, TUMKUR DISTRICT KARNATAKA.. PRNTED AT: ANJANADRI PRINTERS, 4th CROSS, VINAYAKA NAGARA, TUMAKURU-572101. KARNATAKA, PUBLISHED AT: TUMAKURU, S.L.N.BUILDING, KEMPEGOWDA ROAD, AMARAJHOTHYNAGARA, TUMKUR DISTRICT. Karnataka. EDITOR: MANJUNATHA P.N., S.L.N.BUILDING, KEMPEGOWDA ROAD, AMARAJHOTHYNAGARA, TUMKUR DISTRICT. KARNATAKA.
